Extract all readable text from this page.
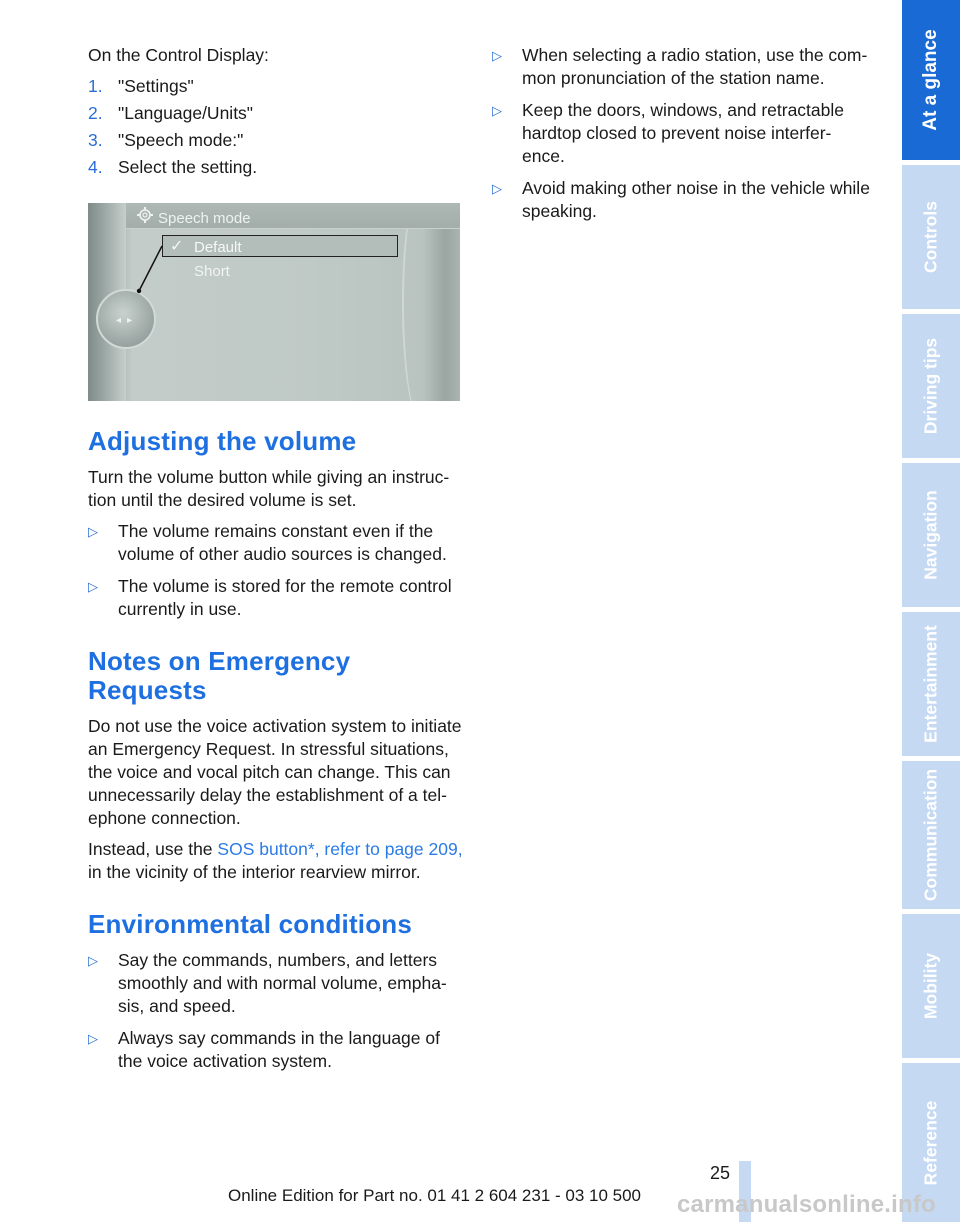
On the Control Display:

1. "Settings"
2. "Language/Units"
3. "Speech mode:"
4. Select the setting.
Speech mode
✓ Default
Short
◂▸
Adjusting the volume

Turn the volume button while giving an instruc-tion until the desired volume is set.

▷ The volume remains constant even if the volume of other audio sources is changed.
▷ The volume is stored for the remote control currently in use.
Notes on Emergency
Requests

Do not use the voice activation system to initiate an Emergency Request. In stressful situations, the voice and vocal pitch can change. This can unnecessarily delay the establishment of a tel-ephone connection.

Instead, use the SOS button*, refer to page 209, in the vicinity of the interior rearview mirror.

Environmental conditions
▷ Say the commands, numbers, and letters smoothly and with normal volume, empha-sis, and speed.
▷ Always say commands in the language of the voice activation system.
▷ When selecting a radio station, use the com-mon pronunciation of the station name.
▷ Keep the doors, windows, and retractable hardtop closed to prevent noise interfer-ence.
▷ Avoid making other noise in the vehicle while speaking.
At a glance
Controls
Driving tips
Navigation
Entertainment
Communication
Mobility
Reference
25
Online Edition for Part no. 01 41 2 604 231 - 03 10 500 carmanualsonline.info
